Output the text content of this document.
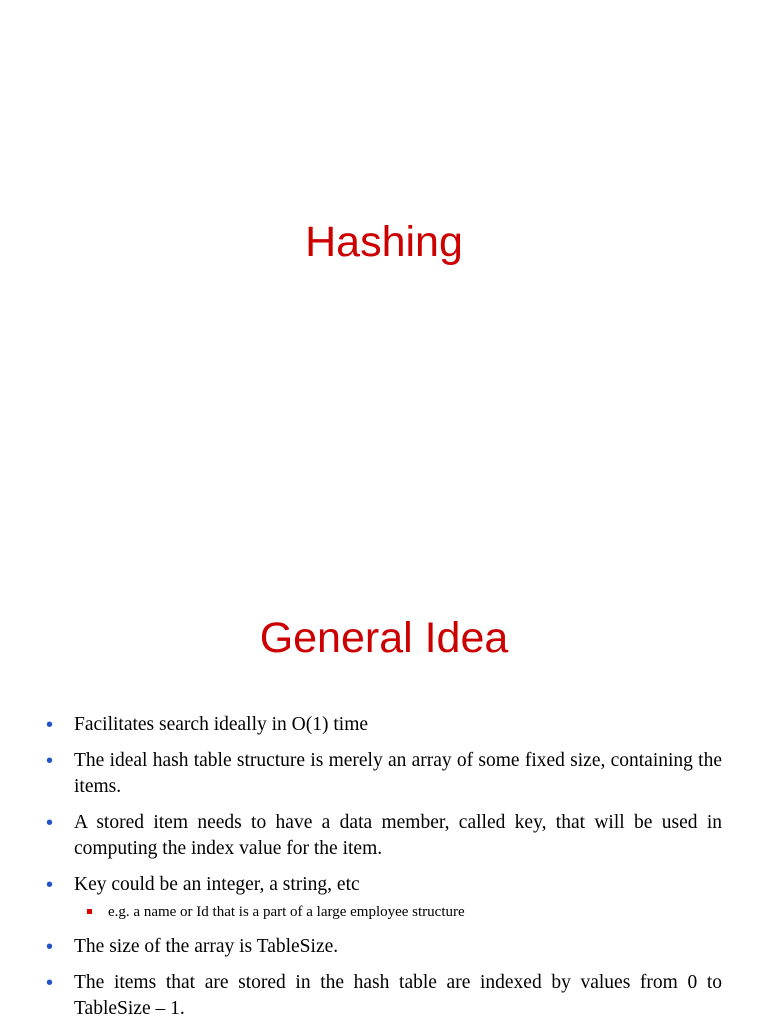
Hashing
General Idea
• Facilitates search ideally in O(1) time
• The ideal hash table structure is merely an array of some fixed size, containing the items.
• A stored item needs to have a data member, called key, that will be used in computing the index value for the item.
• Key could be an integer, a string, etc
e.g. a name or Id that is a part of a large employee structure
• The size of the array is TableSize.
• The items that are stored in the hash table are indexed by values from 0 to TableSize – 1.
